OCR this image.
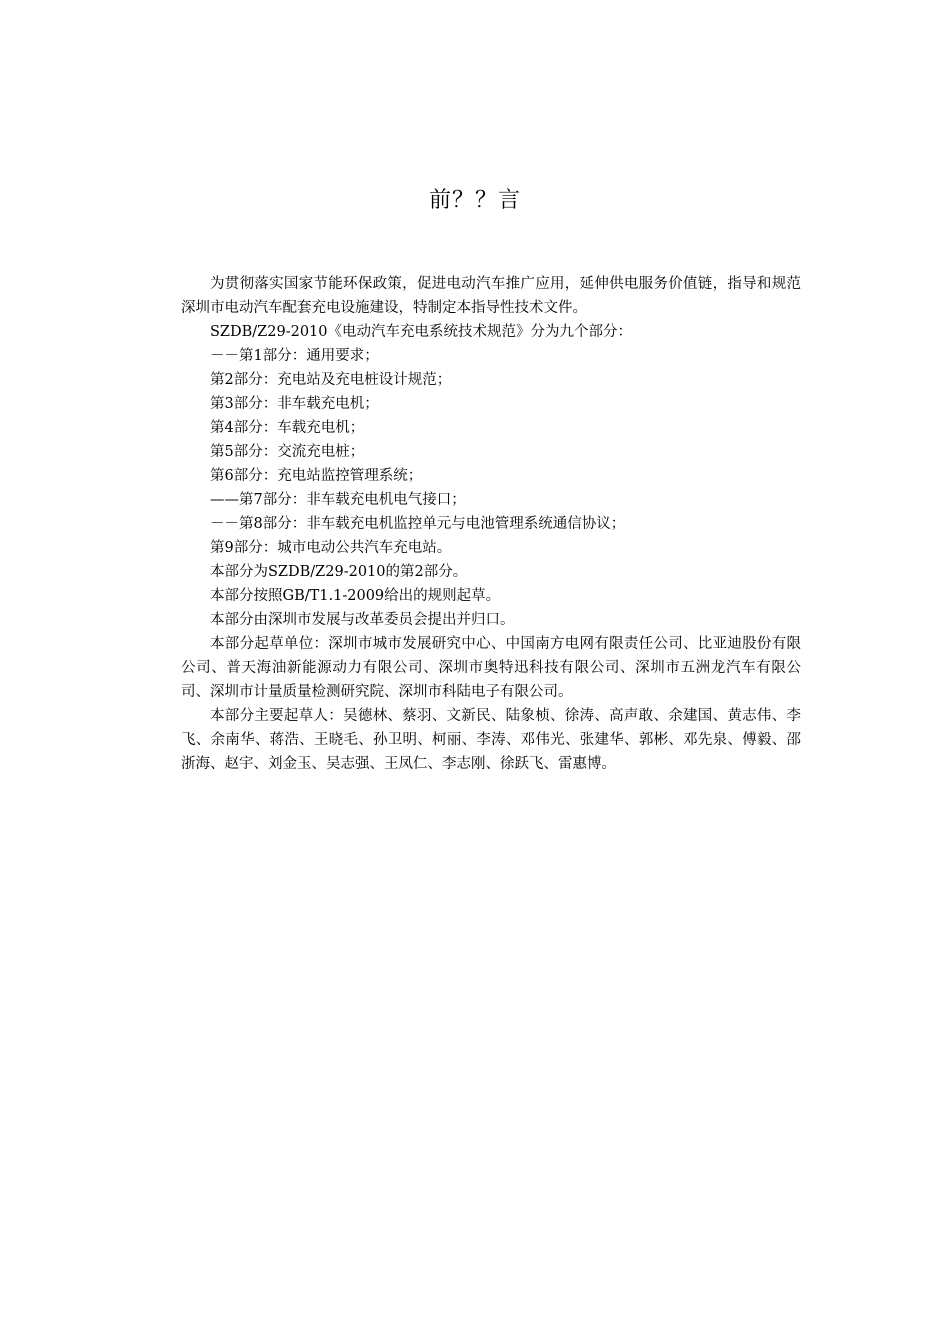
前？？言

为贯彻落实国家节能环保政策，促进电动汽车推广应用，延伸供电服务价值链，指导和规范深圳市电动汽车配套充电设施建设，特制定本指导性技术文件。

SZDB/Z29-2010《电动汽车充电系统技术规范》分为九个部分：

－－第1部分：通用要求；

第2部分：充电站及充电桩设计规范；

第3部分：非车载充电机；

第4部分：车载充电机；

第5部分：交流充电桩；

第6部分：充电站监控管理系统；

——第7部分：非车载充电机电气接口；

－－第8部分：非车载充电机监控单元与电池管理系统通信协议；

第9部分：城市电动公共汽车充电站。

本部分为SZDB/Z29-2010的第2部分。

本部分按照GB/T1.1-2009给出的规则起草。

本部分由深圳市发展与改革委员会提出并归口。

本部分起草单位：深圳市城市发展研究中心、中国南方电网有限责任公司、比亚迪股份有限公司、普天海油新能源动力有限公司、深圳市奥特迅科技有限公司、深圳市五洲龙汽车有限公司、深圳市计量质量检测研究院、深圳市科陆电子有限公司。

本部分主要起草人：吴德林、蔡羽、文新民、陆象桢、徐涛、高声敢、余建国、黄志伟、李飞、余南华、蒋浩、王晓毛、孙卫明、柯丽、李涛、邓伟光、张建华、郭彬、邓先泉、傅毅、邵浙海、赵宇、刘金玉、吴志强、王凤仁、李志刚、徐跃飞、雷惠博。
